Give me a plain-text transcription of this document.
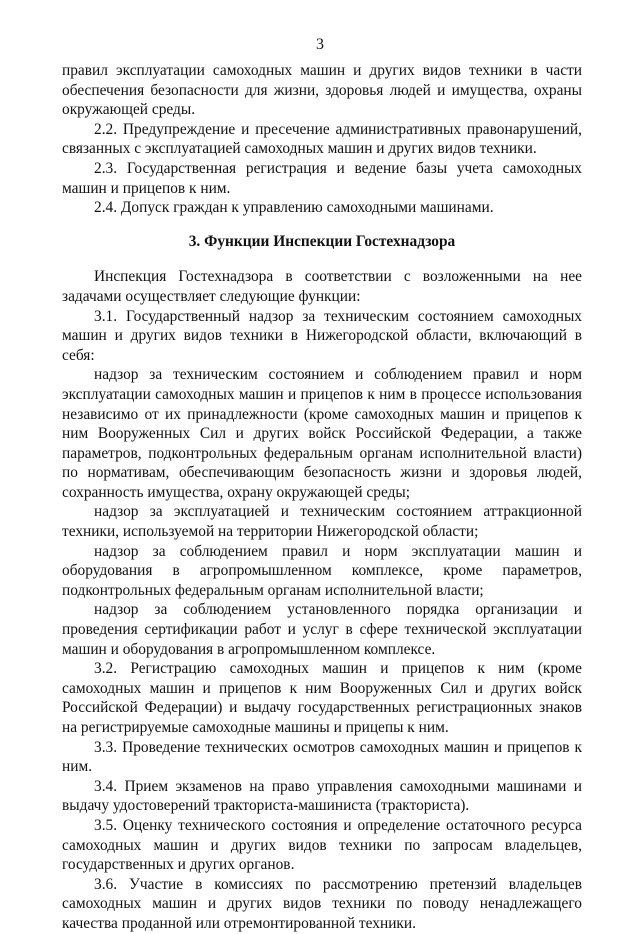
3

правил эксплуатации самоходных машин и других видов техники в части обеспечения безопасности для жизни, здоровья людей и имущества, охраны окружающей среды.

2.2. Предупреждение и пресечение административных правонарушений, связанных с эксплуатацией самоходных машин и других видов техники.

2.3. Государственная регистрация и ведение базы учета самоходных машин и прицепов к ним.

2.4. Допуск граждан к управлению самоходными машинами.

3. Функции Инспекции Гостехнадзора

Инспекция Гостехнадзора в соответствии с возложенными на нее задачами осуществляет следующие функции:

3.1. Государственный надзор за техническим состоянием самоходных машин и других видов техники в Нижегородской области, включающий в себя:

надзор за техническим состоянием и соблюдением правил и норм эксплуатации самоходных машин и прицепов к ним в процессе использования независимо от их принадлежности (кроме самоходных машин и прицепов к ним Вооруженных Сил и других войск Российской Федерации, а также параметров, подконтрольных федеральным органам исполнительной власти) по нормативам, обеспечивающим безопасность жизни и здоровья людей, сохранность имущества, охрану окружающей среды;

надзор за эксплуатацией и техническим состоянием аттракционной техники, используемой на территории Нижегородской области;

надзор за соблюдением правил и норм эксплуатации машин и оборудования в агропромышленном комплексе, кроме параметров, подконтрольных федеральным органам исполнительной власти;

надзор за соблюдением установленного порядка организации и проведения сертификации работ и услуг в сфере технической эксплуатации машин и оборудования в агропромышленном комплексе.

3.2. Регистрацию самоходных машин и прицепов к ним (кроме самоходных машин и прицепов к ним Вооруженных Сил и других войск Российской Федерации) и выдачу государственных регистрационных знаков на регистрируемые самоходные машины и прицепы к ним.

3.3. Проведение технических осмотров самоходных машин и прицепов к ним.

3.4. Прием экзаменов на право управления самоходными машинами и выдачу удостоверений тракториста-машиниста (тракториста).

3.5. Оценку технического состояния и определение остаточного ресурса самоходных машин и других видов техники по запросам владельцев, государственных и других органов.

3.6. Участие в комиссиях по рассмотрению претензий владельцев самоходных машин и других видов техники по поводу ненадлежащего качества проданной или отремонтированной техники.
